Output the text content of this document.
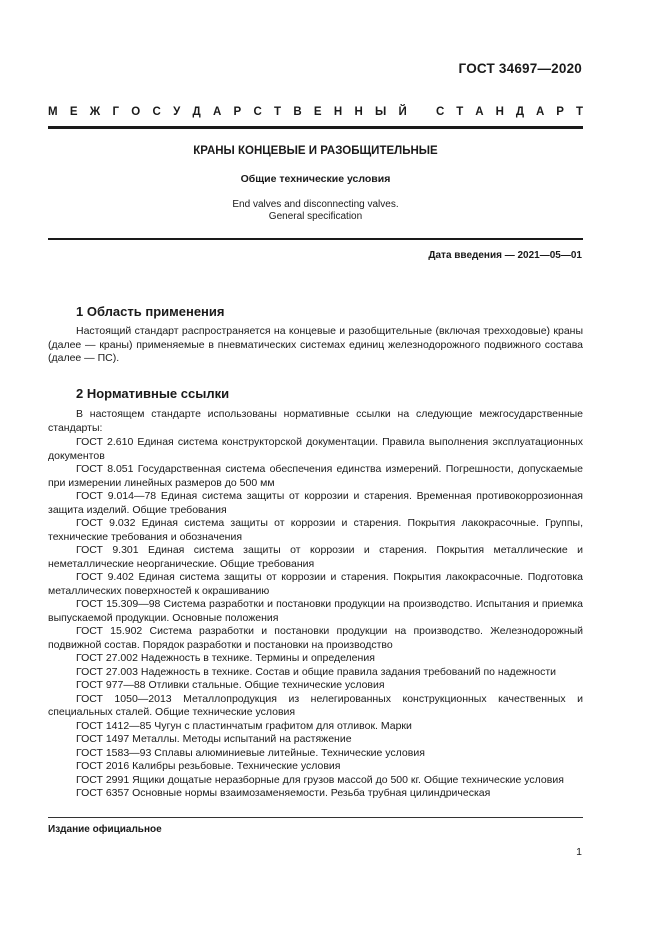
ГОСТ 34697—2020
М Е Ж Г О С У Д А Р С Т В Е Н Н Ы Й	С Т А Н Д А Р Т
КРАНЫ КОНЦЕВЫЕ И РАЗОБЩИТЕЛЬНЫЕ
Общие технические условия
End valves and disconnecting valves.
General specification
Дата введения — 2021—05—01
1 Область применения
Настоящий стандарт распространяется на концевые и разобщительные (включая трехходовые) краны (далее — краны) применяемые в пневматических системах единиц железнодорожного подвижного состава (далее — ПС).
2 Нормативные ссылки
В настоящем стандарте использованы нормативные ссылки на следующие межгосударственные стандарты:

ГОСТ 2.610 Единая система конструкторской документации. Правила выполнения эксплуатационных документов

ГОСТ 8.051 Государственная система обеспечения единства измерений. Погрешности, допускаемые при измерении линейных размеров до 500 мм

ГОСТ 9.014—78 Единая система защиты от коррозии и старения. Временная противокоррозионная защита изделий. Общие требования

ГОСТ 9.032 Единая система защиты от коррозии и старения. Покрытия лакокрасочные. Группы, технические требования и обозначения

ГОСТ 9.301 Единая система защиты от коррозии и старения. Покрытия металлические и неметаллические неорганические. Общие требования

ГОСТ 9.402 Единая система защиты от коррозии и старения. Покрытия лакокрасочные. Подготовка металлических поверхностей к окрашиванию

ГОСТ 15.309—98 Система разработки и постановки продукции на производство. Испытания и приемка выпускаемой продукции. Основные положения

ГОСТ 15.902 Система разработки и постановки продукции на производство. Железнодорожный подвижной состав. Порядок разработки и постановки на производство

ГОСТ 27.002 Надежность в технике. Термины и определения

ГОСТ 27.003 Надежность в технике. Состав и общие правила задания требований по надежности

ГОСТ 977—88 Отливки стальные. Общие технические условия

ГОСТ 1050—2013 Металлопродукция из нелегированных конструкционных качественных и специальных сталей. Общие технические условия

ГОСТ 1412—85 Чугун с пластинчатым графитом для отливок. Марки

ГОСТ 1497 Металлы. Методы испытаний на растяжение

ГОСТ 1583—93 Сплавы алюминиевые литейные. Технические условия

ГОСТ 2016 Калибры резьбовые. Технические условия

ГОСТ 2991 Ящики дощатые неразборные для грузов массой до 500 кг. Общие технические условия

ГОСТ 6357 Основные нормы взаимозаменяемости. Резьба трубная цилиндрическая

Издание официальное
1
